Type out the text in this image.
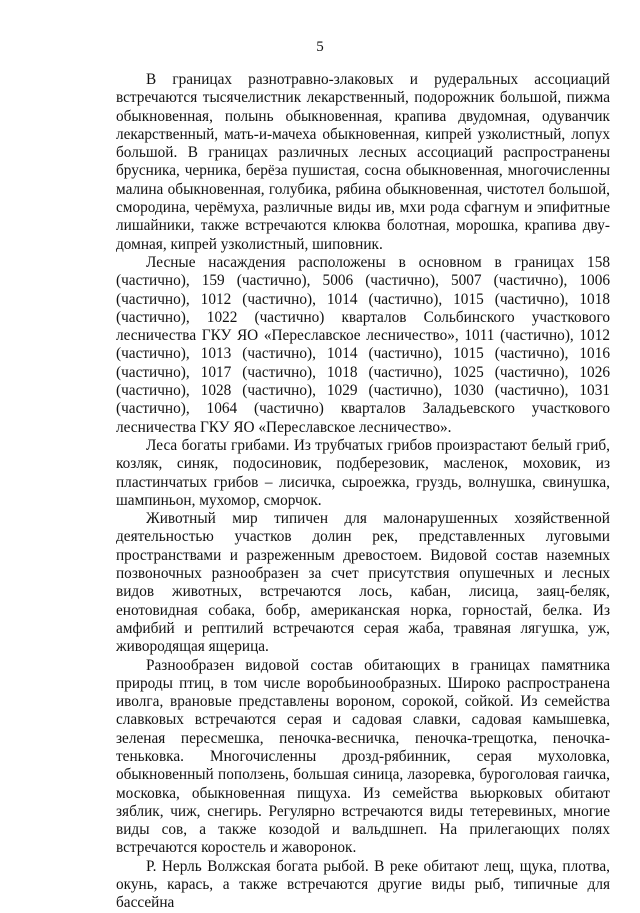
5

В границах разнотравно-злаковых и рудеральных ассоциаций встречаются тысячелистник лекарственный, подорожник большой, пижма обыкновенная, полынь обыкновенная, крапива двудомная, одуванчик лекарственный, мать-и-мачеха обыкновенная, кипрей узколистный, лопух большой. В границах различных лесных ассоциаций распространены брусника, черника, берёза пушистая, сосна обыкновенная, многочисленны малина обыкновенная, голубика, рябина обыкновенная, чистотел большой, смородина, черёмуха, различные виды ив, мхи рода сфагнум и эпифитные лишайники, также встречаются клюква болотная, морошка, крапива двудомная, кипрей узколистный, шиповник.

Лесные насаждения расположены в основном в границах 158 (частично), 159 (частично), 5006 (частично), 5007 (частично), 1006 (частично), 1012 (частично), 1014 (частично), 1015 (частично), 1018 (частично), 1022 (частично) кварталов Сольбинского участкового лесничества ГКУ ЯО «Переславское лесничество», 1011 (частично), 1012 (частично), 1013 (частично), 1014 (частично), 1015 (частично), 1016 (частично), 1017 (частично), 1018 (частично), 1025 (частично), 1026 (частично), 1028 (частично), 1029 (частично), 1030 (частично), 1031 (частично), 1064 (частично) кварталов Заладьевского участкового лесничества ГКУ ЯО «Переславское лесничество».

Леса богаты грибами. Из трубчатых грибов произрастают белый гриб, козляк, синяк, подосиновик, подберезовик, масленок, моховик, из пластинчатых грибов – лисичка, сыроежка, груздь, волнушка, свинушка, шампиньон, мухомор, сморчок.

Животный мир типичен для малонарушенных хозяйственной деятельностью участков долин рек, представленных луговыми пространствами и разреженным древостоем. Видовой состав наземных позвоночных разнообразен за счет присутствия опушечных и лесных видов животных, встречаются лось, кабан, лисица, заяц-беляк, енотовидная собака, бобр, американская норка, горностай, белка. Из амфибий и рептилий встречаются серая жаба, травяная лягушка, уж, живородящая ящерица.

Разнообразен видовой состав обитающих в границах памятника природы птиц, в том числе воробьинообразных. Широко распространена иволга, врановые представлены вороном, сорокой, сойкой. Из семейства славковых встречаются серая и садовая славки, садовая камышевка, зеленая пересмешка, пеночка-весничка, пеночка-трещотка, пеночка-теньковка. Многочисленны дрозд-рябинник, серая мухоловка, обыкновенный поползень, большая синица, лазоревка, буроголовая гаичка, московка, обыкновенная пищуха. Из семейства вьюрковых обитают зяблик, чиж, снегирь. Регулярно встречаются виды тетеревиных, многие виды сов, а также козодой и вальдшнеп. На прилегающих полях встречаются коростель и жаворонок.

Р. Нерль Волжская богата рыбой. В реке обитают лещ, щука, плотва, окунь, карась, а также встречаются другие виды рыб, типичные для бассейна
